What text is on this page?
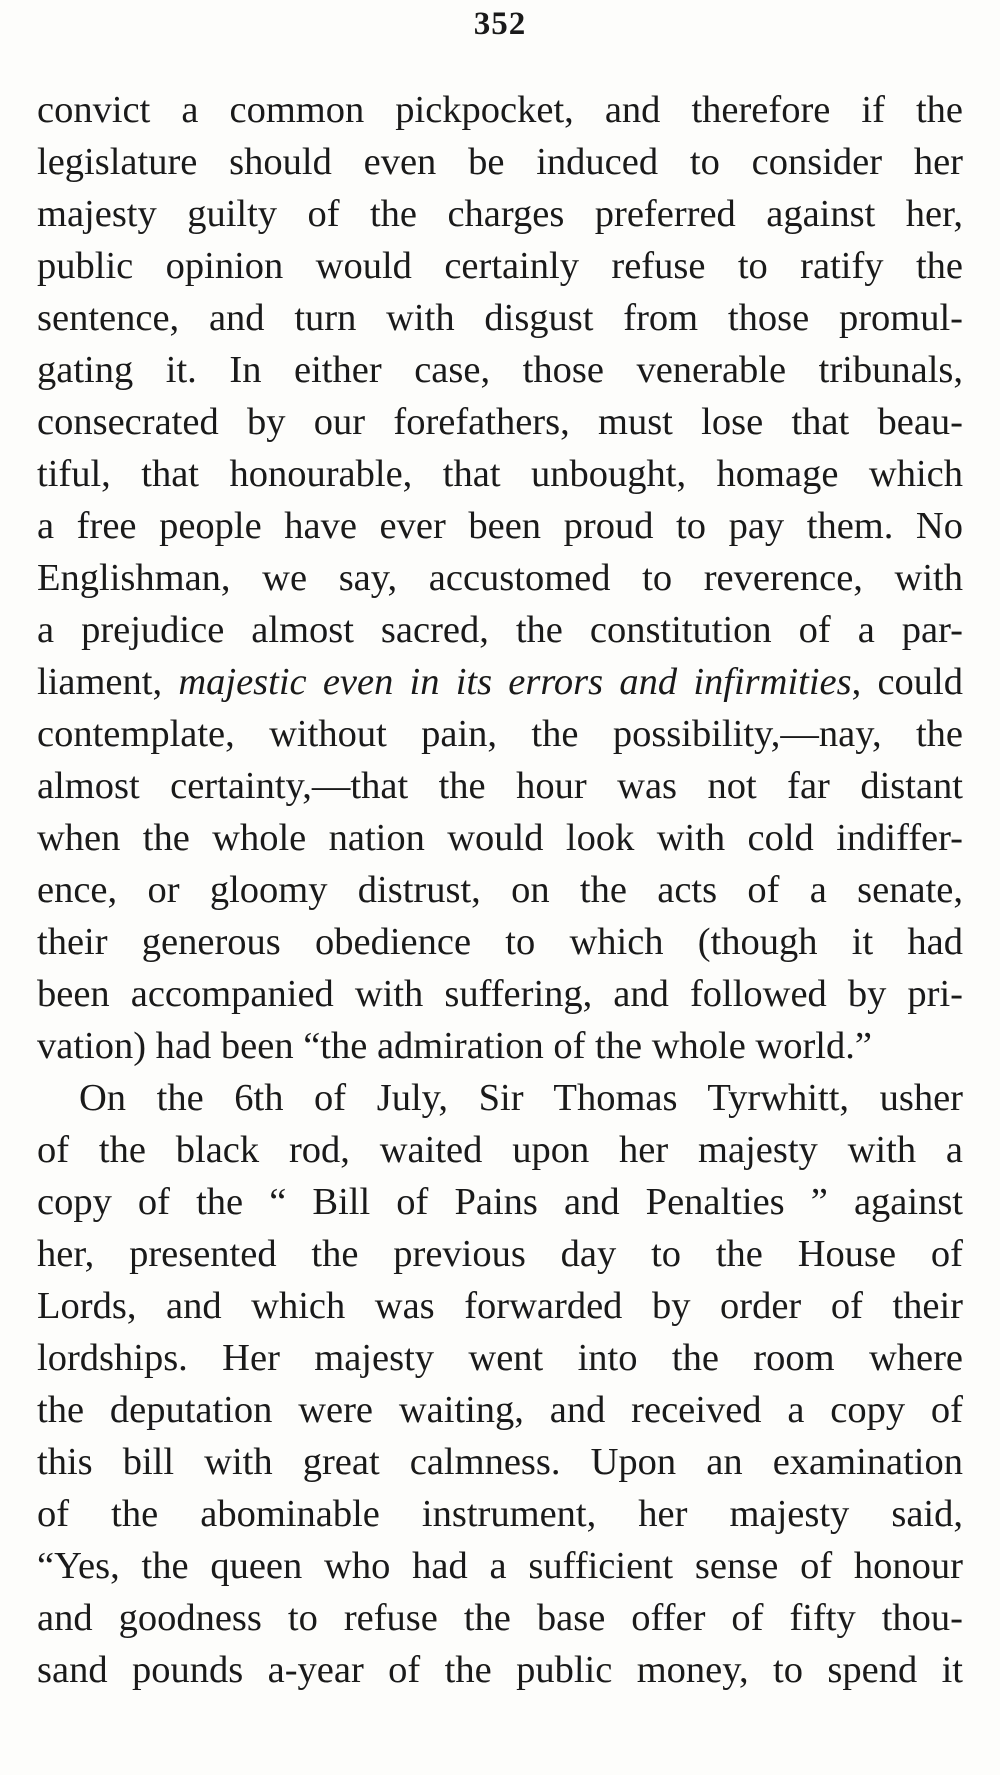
352
convict a common pickpocket, and therefore if the
legislature should even be induced to consider her
majesty guilty of the charges preferred against her,
public opinion would certainly refuse to ratify the
sentence, and turn with disgust from those promul-
gating it. In either case, those venerable tribunals,
consecrated by our forefathers, must lose that beau-
tiful, that honourable, that unbought, homage which
a free people have ever been proud to pay them. No
Englishman, we say, accustomed to reverence, with
a prejudice almost sacred, the constitution of a par-
liament, majestic even in its errors and infirmities, could
contemplate, without pain, the possibility,—nay, the
almost certainty,—that the hour was not far distant
when the whole nation would look with cold indiffer-
ence, or gloomy distrust, on the acts of a senate,
their generous obedience to which (though it had
been accompanied with suffering, and followed by pri-
vation) had been “the admiration of the whole world.”
On the 6th of July, Sir Thomas Tyrwhitt, usher
of the black rod, waited upon her majesty with a
copy of the “ Bill of Pains and Penalties ” against
her, presented the previous day to the House of
Lords, and which was forwarded by order of their
lordships. Her majesty went into the room where
the deputation were waiting, and received a copy of
this bill with great calmness. Upon an examination
of the abominable instrument, her majesty said,
“Yes, the queen who had a sufficient sense of honour
and goodness to refuse the base offer of fifty thou-
sand pounds a-year of the public money, to spend it
